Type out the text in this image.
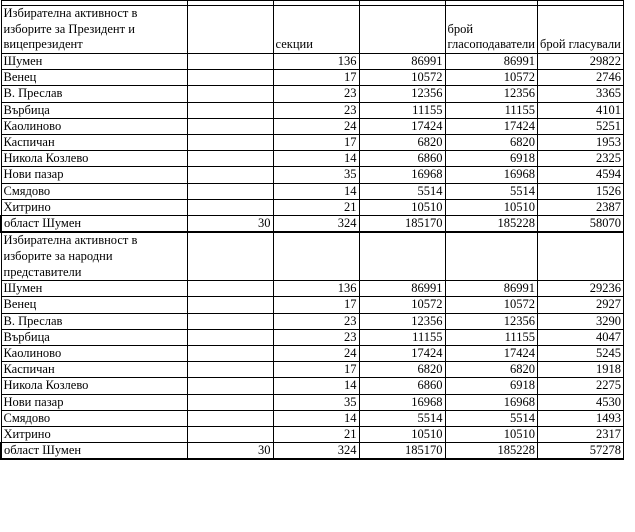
Избирателна активност в изборите за Президент и вицепрезидент		секции		брой гласоподаватели	брой гласували
Шумен		136	86991	86991	29822
Венец		17	10572	10572	2746
В. Преслав		23	12356	12356	3365
Върбица		23	11155	11155	4101
Каолиново		24	17424	17424	5251
Каспичан		17	6820	6820	1953
Никола Козлево		14	6860	6918	2325
Нови пазар		35	16968	16968	4594
Смядово		14	5514	5514	1526
Хитрино		21	10510	10510	2387
област Шумен	30	324	185170	185228	58070
Избирателна активност в изборите за народни представители					
Шумен		136	86991	86991	29236
Венец		17	10572	10572	2927
В. Преслав		23	12356	12356	3290
Върбица		23	11155	11155	4047
Каолиново		24	17424	17424	5245
Каспичан		17	6820	6820	1918
Никола Козлево		14	6860	6918	2275
Нови пазар		35	16968	16968	4530
Смядово		14	5514	5514	1493
Хитрино		21	10510	10510	2317
област Шумен	30	324	185170	185228	57278
